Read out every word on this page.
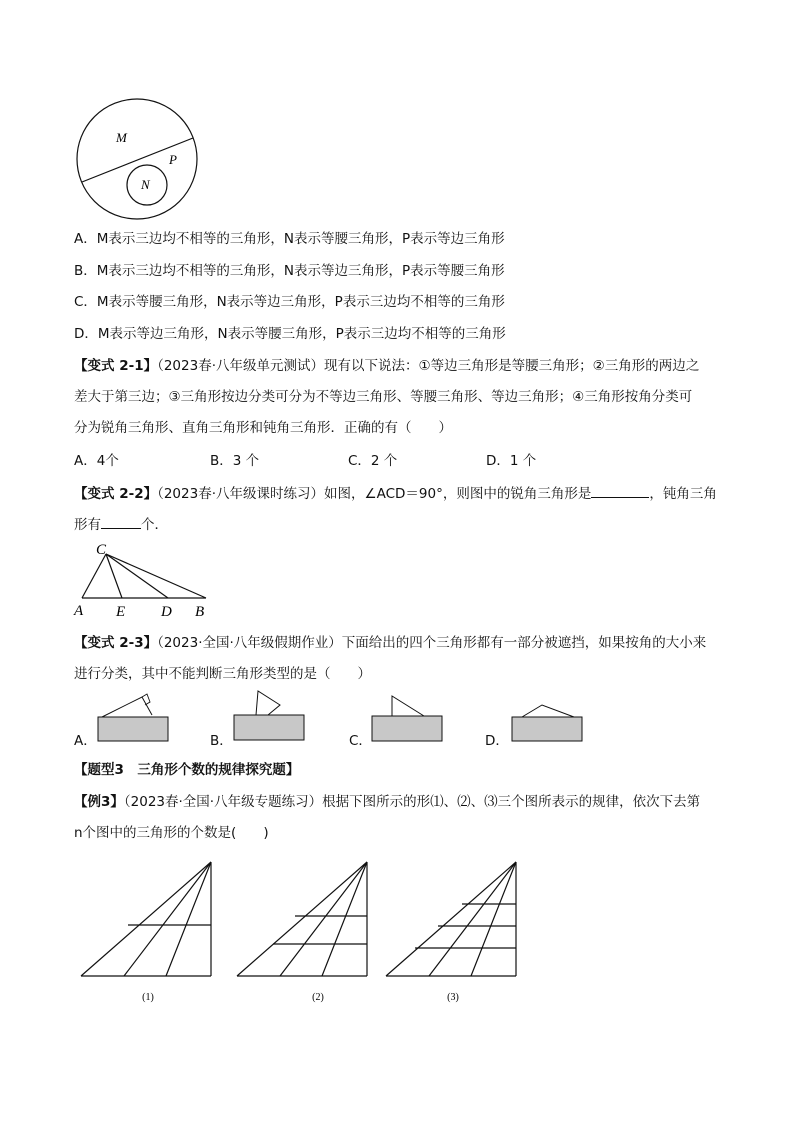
M
P
N
A．M表示三边均不相等的三角形，N表示等腰三角形，P表示等边三角形
B．M表示三边均不相等的三角形，N表示等边三角形，P表示等腰三角形
C．M表示等腰三角形，N表示等边三角形，P表示三边均不相等的三角形
D．M表示等边三角形，N表示等腰三角形，P表示三边均不相等的三角形
【变式 2-1】（2023春·八年级单元测试）现有以下说法：①等边三角形是等腰三角形；②三角形的两边之
差大于第三边；③三角形按边分类可分为不等边三角形、等腰三角形、等边三角形；④三角形按角分类可
分为锐角三角形、直角三角形和钝角三角形．正确的有（　　）
A．4个	B．3 个	C．2 个	D．1 个
【变式 2-2】（2023春·八年级课时练习）如图，∠ACD＝90°，则图中的锐角三角形是	，钝角三角
形有	个．
C
A E D B
【变式 2-3】（2023·全国·八年级假期作业）下面给出的四个三角形都有一部分被遮挡，如果按角的大小来
进行分类，其中不能判断三角形类型的是（　　）
A．	B．	C．	D．
【题型3　三角形个数的规律探究题】
【例3】（2023春·全国·八年级专题练习）根据下图所示的形⑴、⑵、⑶三个图所表示的规律，依次下去第
n个图中的三角形的个数是(　　)
(1)	(2)	(3)
